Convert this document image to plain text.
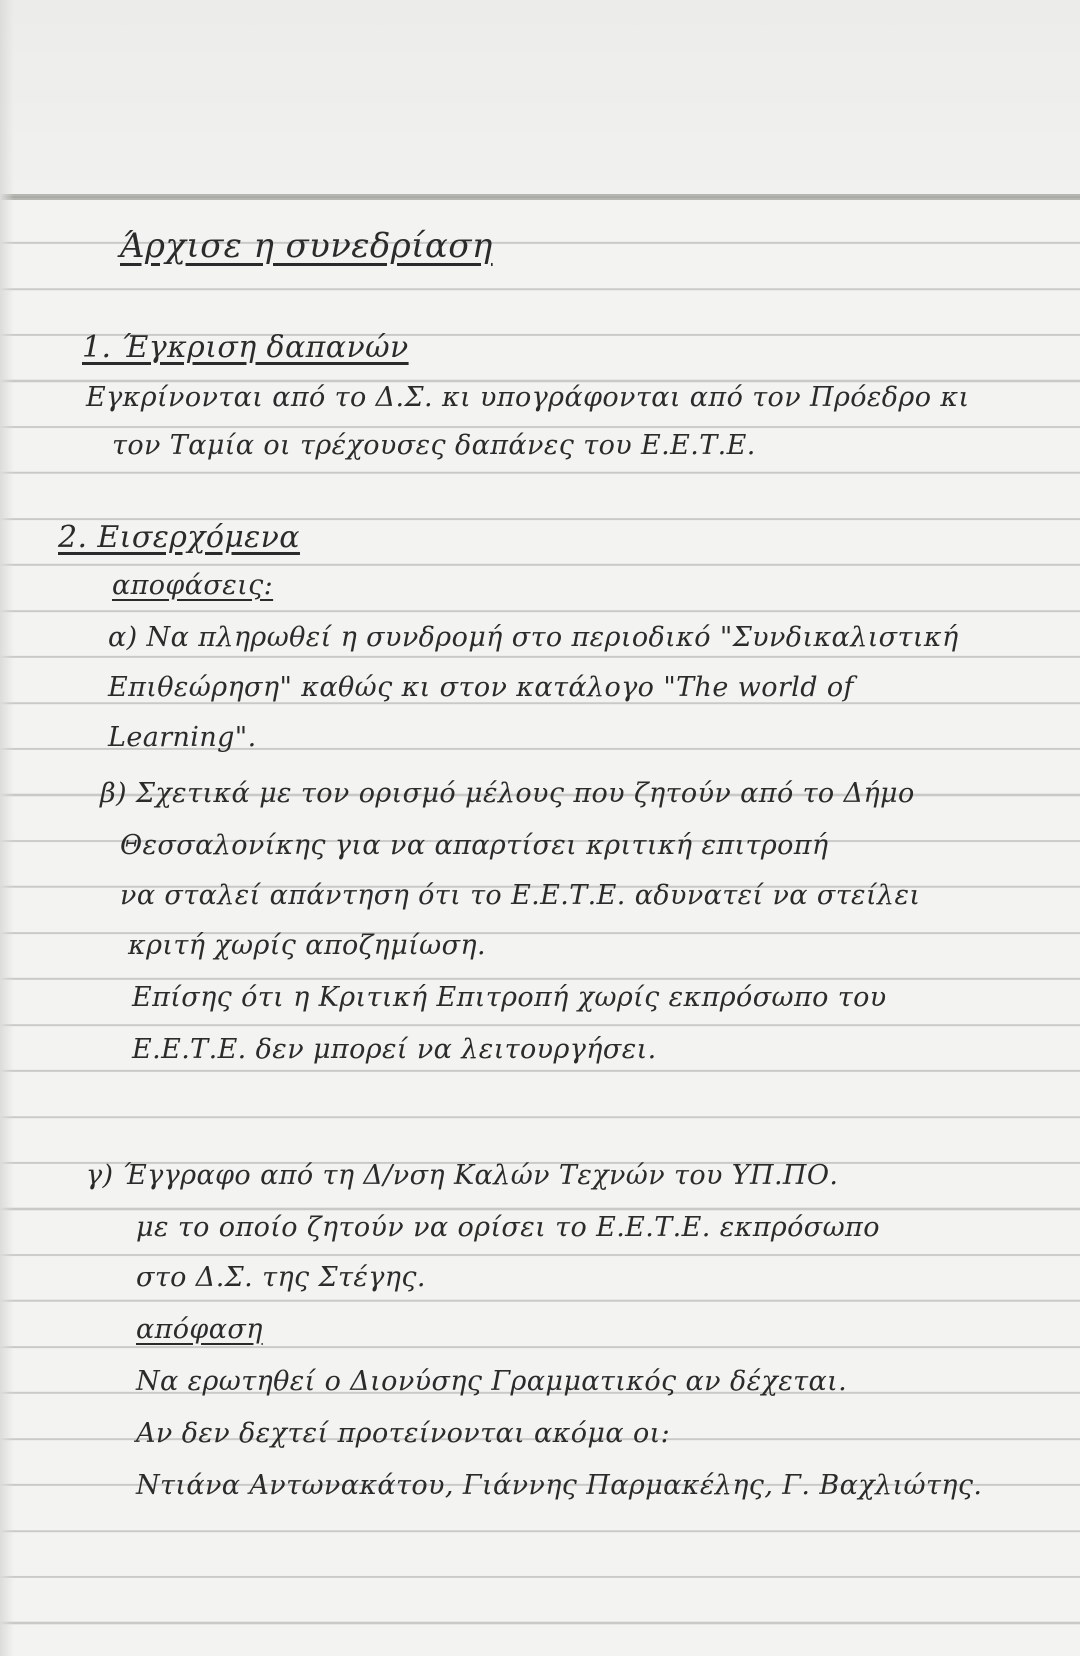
Άρχισε η συνεδρίαση
1. Έγκριση δαπανών
Εγκρίνονται από το Δ.Σ. κι υπογράφονται από τον Πρόεδρο κι
τον Ταμία οι τρέχουσες δαπάνες του Ε.Ε.Τ.Ε.
2. Εισερχόμενα
αποφάσεις:
α) Να πληρωθεί η συνδρομή στο περιοδικό "Συνδικαλιστική
Επιθεώρηση" καθώς κι στον κατάλογο "The world of
Learning".
β) Σχετικά με τον ορισμό μέλους που ζητούν από το Δήμο
Θεσσαλονίκης για να απαρτίσει κριτική επιτροπή
να σταλεί απάντηση ότι το Ε.Ε.Τ.Ε. αδυνατεί να στείλει
κριτή χωρίς αποζημίωση.
Επίσης ότι η Κριτική Επιτροπή χωρίς εκπρόσωπο του
Ε.Ε.Τ.Ε. δεν μπορεί να λειτουργήσει.
γ) Έγγραφο από τη Δ/νση Καλών Τεχνών του ΥΠ.ΠΟ.
με το οποίο ζητούν να ορίσει το Ε.Ε.Τ.Ε. εκπρόσωπο
στο Δ.Σ. της Στέγης.
απόφαση
Να ερωτηθεί ο Διονύσης Γραμματικός αν δέχεται.
Αν δεν δεχτεί προτείνονται ακόμα οι:
Ντιάνα Αντωνακάτου, Γιάννης Παρμακέλης, Γ. Βαχλιώτης.
